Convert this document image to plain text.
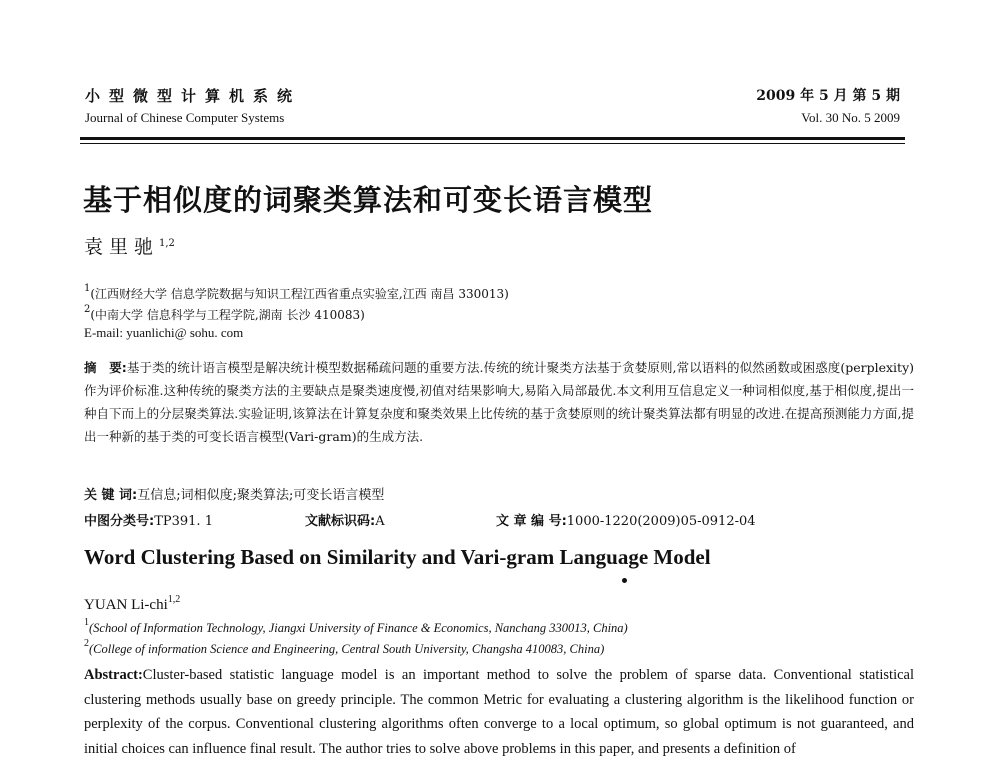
小型微型计算机系统
Journal of Chinese Computer Systems
2009 年 5 月 第 5 期
Vol. 30 No. 5 2009
基于相似度的词聚类算法和可变长语言模型
袁里驰$^{1,2}$
$^1$(江西财经大学 信息学院数据与知识工程江西省重点实验室,江西 南昌 330013)
$^2$(中南大学 信息科学与工程学院,湖南 长沙 410083)
E-mail: yuanlichi@ sohu. com
摘　要:基于类的统计语言模型是解决统计模型数据稀疏问题的重要方法.传统的统计聚类方法基于贪婪原则,常以语料的似然函数或困惑度(perplexity)作为评价标准.这种传统的聚类方法的主要缺点是聚类速度慢,初值对结果影响大,易陷入局部最优.本文利用互信息定义一种词相似度,基于相似度,提出一种自下而上的分层聚类算法.实验证明,该算法在计算复杂度和聚类效果上比传统的基于贪婪原则的统计聚类算法都有明显的改进.在提高预测能力方面,提出一种新的基于类的可变长语言模型(Vari-gram)的生成方法.
关 键 词:互信息;词相似度;聚类算法;可变长语言模型
中图分类号:TP391. 1	文献标识码:A	文 章 编 号:1000-1220(2009)05-0912-04
Word Clustering Based on Similarity and Vari-gram Language Model
YUAN Li-chi$^{1,2}$
$^1$(School of Information Technology, Jiangxi University of Finance & Economics, Nanchang 330013, China)
$^2$(College of information Science and Engineering, Central South University, Changsha 410083, China)
Abstract:Cluster-based statistic language model is an important method to solve the problem of sparse data. Conventional statistical clustering methods usually base on greedy principle. The common Metric for evaluating a clustering algorithm is the likelihood function or perplexity of the corpus. Conventional clustering algorithms often converge to a local optimum, so global optimum is not guaranteed, and initial choices can influence final result. The author tries to solve above problems in this paper, and presents a definition of
